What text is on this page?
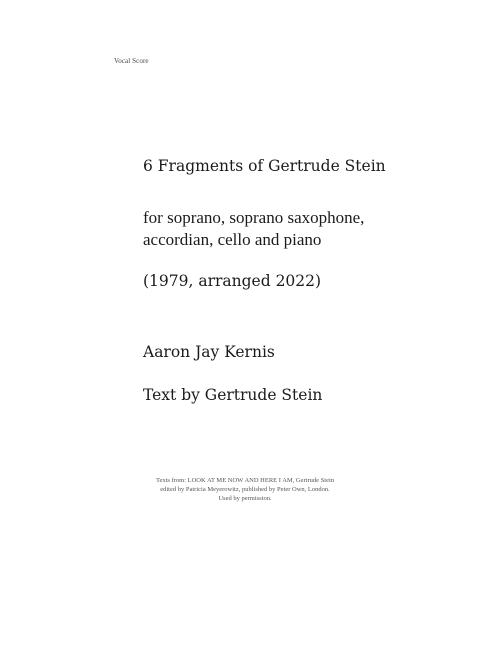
Vocal Score
6 Fragments of Gertrude Stein
for soprano, soprano saxophone,
accordian, cello and piano
(1979, arranged 2022)
Aaron Jay Kernis
Text by Gertrude Stein
Texts from: LOOK AT ME NOW AND HERE I AM, Gertrude Stein
edited by Patricia Meyerowitz, published by Peter Own, London.
Used by permission.
